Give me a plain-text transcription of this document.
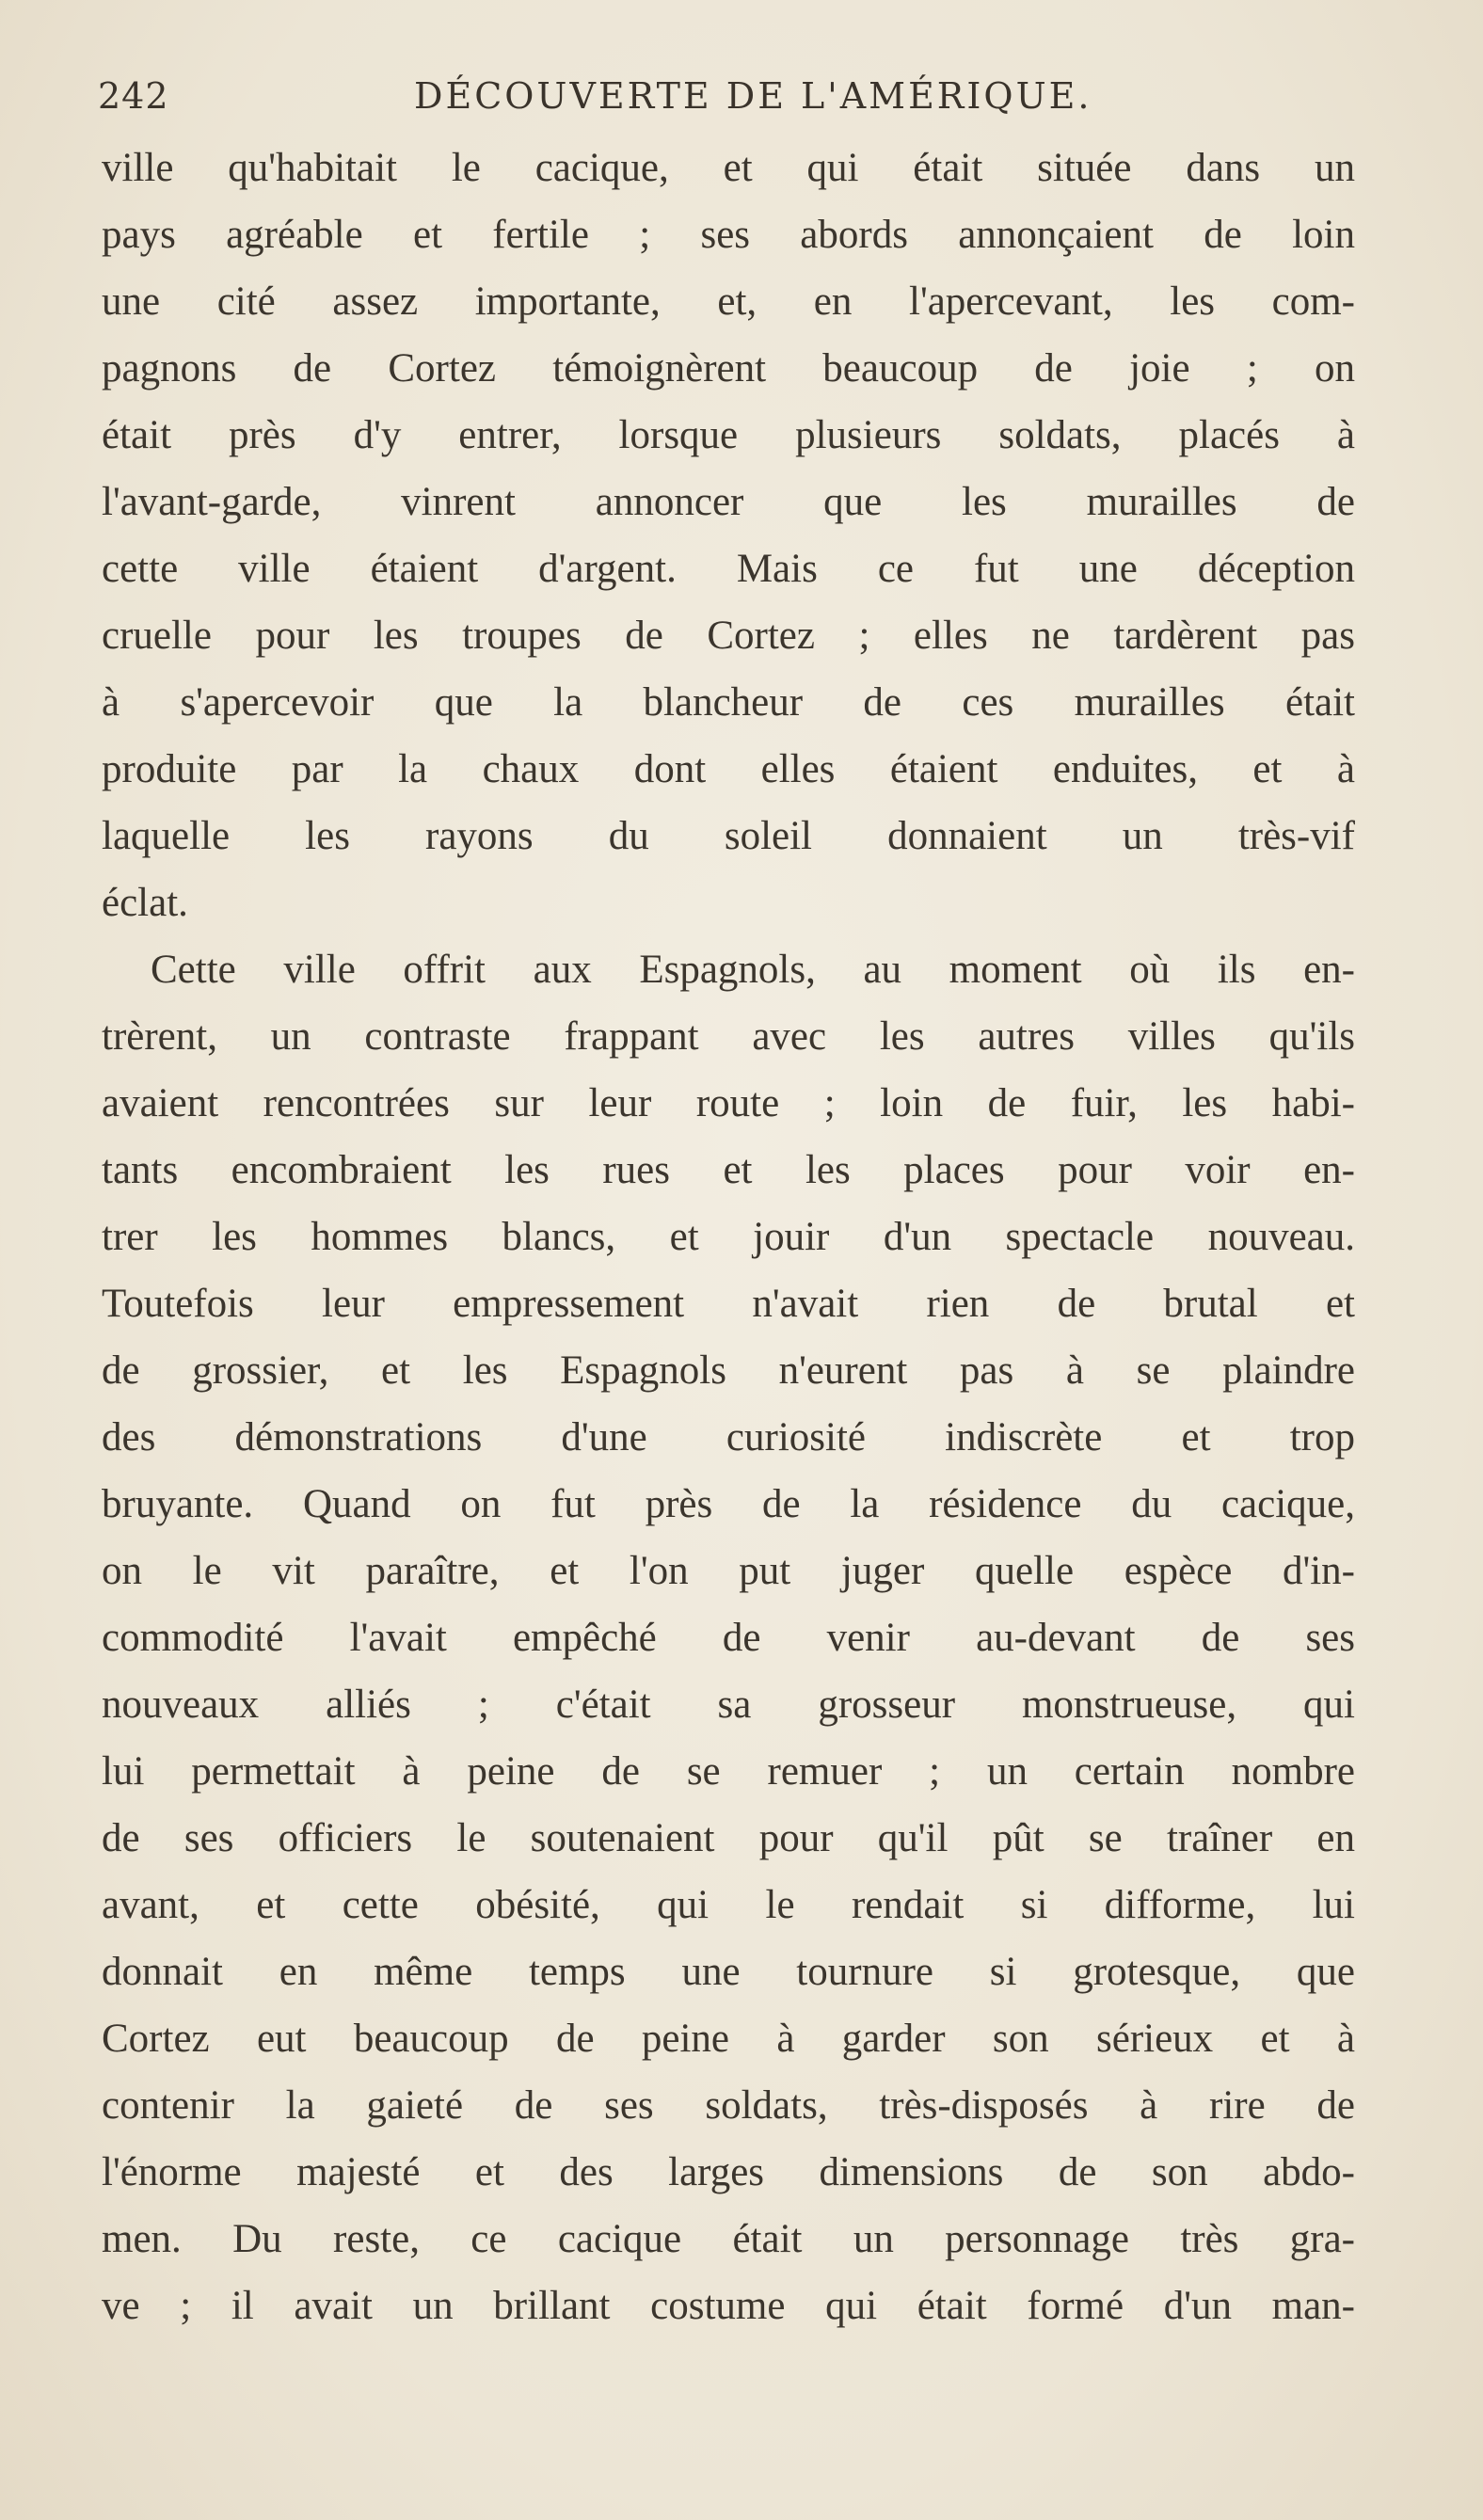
242	DÉCOUVERTE DE L'AMÉRIQUE.
ville qu'habitait le cacique, et qui était située dans un
pays agréable et fertile ; ses abords annonçaient de loin
une cité assez importante, et, en l'apercevant, les com-
pagnons de Cortez témoignèrent beaucoup de joie ; on
était près d'y entrer, lorsque plusieurs soldats, placés à
l'avant-garde, vinrent annoncer que les murailles de
cette ville étaient d'argent. Mais ce fut une déception
cruelle pour les troupes de Cortez ; elles ne tardèrent pas
à s'apercevoir que la blancheur de ces murailles était
produite par la chaux dont elles étaient enduites, et à
laquelle les rayons du soleil donnaient un très-vif
éclat.
Cette ville offrit aux Espagnols, au moment où ils en-
trèrent, un contraste frappant avec les autres villes qu'ils
avaient rencontrées sur leur route ; loin de fuir, les habi-
tants encombraient les rues et les places pour voir en-
trer les hommes blancs, et jouir d'un spectacle nouveau.
Toutefois leur empressement n'avait rien de brutal et
de grossier, et les Espagnols n'eurent pas à se plaindre
des démonstrations d'une curiosité indiscrète et trop
bruyante. Quand on fut près de la résidence du cacique,
on le vit paraître, et l'on put juger quelle espèce d'in-
commodité l'avait empêché de venir au-devant de ses
nouveaux alliés ; c'était sa grosseur monstrueuse, qui
lui permettait à peine de se remuer ; un certain nombre
de ses officiers le soutenaient pour qu'il pût se traîner en
avant, et cette obésité, qui le rendait si difforme, lui
donnait en même temps une tournure si grotesque, que
Cortez eut beaucoup de peine à garder son sérieux et à
contenir la gaieté de ses soldats, très-disposés à rire de
l'énorme majesté et des larges dimensions de son abdo-
men. Du reste, ce cacique était un personnage très gra-
ve ; il avait un brillant costume qui était formé d'un man-
